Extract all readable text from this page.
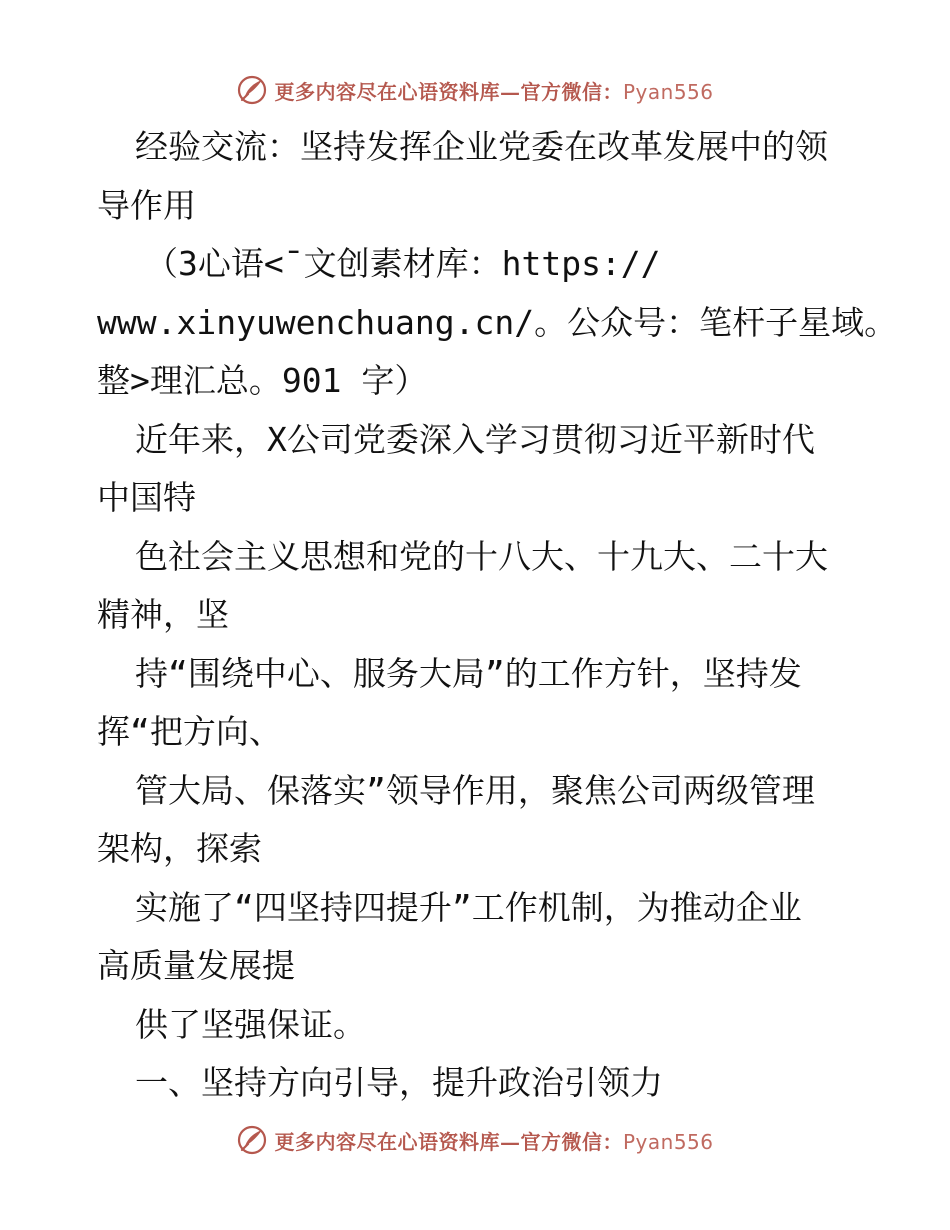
更多内容尽在心语资料库—官方微信：Pyan556
经验交流：坚持发挥企业党委在改革发展中的领
导作用
（3心语<¯文创素材库：https://
www.xinyuwenchuang.cn/。公众号：笔杆子星域。
整>理汇总。901 字）
近年来，X公司党委深入学习贯彻习近平新时代
中国特
色社会主义思想和党的十八大、十九大、二十大
精神，坚
持“围绕中心、服务大局”的工作方针，坚持发
挥“把方向、
管大局、保落实”领导作用，聚焦公司两级管理
架构，探索
实施了“四坚持四提升”工作机制，为推动企业
高质量发展提
供了坚强保证。
一、坚持方向引导，提升政治引领力
更多内容尽在心语资料库—官方微信：Pyan556
